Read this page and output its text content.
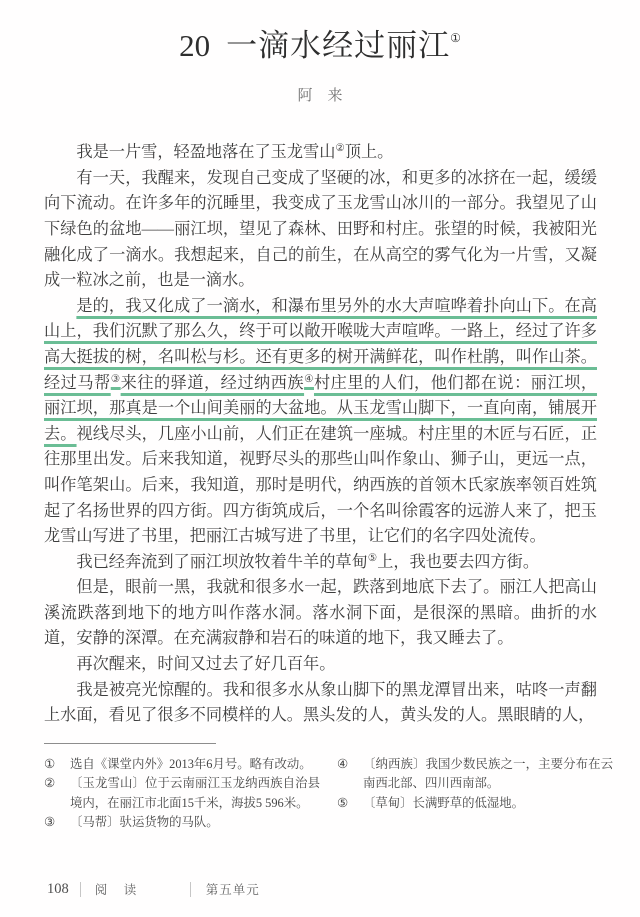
20 一滴水经过丽江①
阿　来

我是一片雪，轻盈地落在了玉龙雪山②顶上。

有一天，我醒来，发现自己变成了坚硬的冰，和更多的冰挤在一起，缓缓向下流动。在许多年的沉睡里，我变成了玉龙雪山冰川的一部分。我望见了山下绿色的盆地——丽江坝，望见了森林、田野和村庄。张望的时候，我被阳光融化成了一滴水。我想起来，自己的前生，在从高空的雾气化为一片雪，又凝成一粒冰之前，也是一滴水。

是的，我又化成了一滴水，和瀑布里另外的水大声喧哗着扑向山下。在高山上，我们沉默了那么久，终于可以敞开喉咙大声喧哗。一路上，经过了许多高大挺拔的树，名叫松与杉。还有更多的树开满鲜花，叫作杜鹃，叫作山茶。经过马帮③来往的驿道，经过纳西族④村庄里的人们，他们都在说：丽江坝，丽江坝，那真是一个山间美丽的大盆地。从玉龙雪山脚下，一直向南，铺展开去。视线尽头，几座小山前，人们正在建筑一座城。村庄里的木匠与石匠，正往那里出发。后来我知道，视野尽头的那些山叫作象山、狮子山，更远一点，叫作笔架山。后来，我知道，那时是明代，纳西族的首领木氏家族率领百姓筑起了名扬世界的四方街。四方街筑成后，一个名叫徐霞客的远游人来了，把玉龙雪山写进了书里，把丽江古城写进了书里，让它们的名字四处流传。

我已经奔流到了丽江坝放牧着牛羊的草甸⑤上，我也要去四方街。

但是，眼前一黑，我就和很多水一起，跌落到地底下去了。丽江人把高山溪流跌落到地下的地方叫作落水洞。落水洞下面，是很深的黑暗。曲折的水道，安静的深潭。在充满寂静和岩石的味道的地下，我又睡去了。

再次醒来，时间又过去了好几百年。

我是被亮光惊醒的。我和很多水从象山脚下的黑龙潭冒出来，咕咚一声翻上水面，看见了很多不同模样的人。黑头发的人，黄头发的人。黑眼睛的人，

①	选自《课堂内外》2013年6月号。略有改动。
②	〔玉龙雪山〕位于云南丽江玉龙纳西族自治县境内，在丽江市北面15千米，海拔5 596米。
③	〔马帮〕驮运货物的马队。
④	〔纳西族〕我国少数民族之一，主要分布在云南西北部、四川西南部。
⑤	〔草甸〕长满野草的低湿地。
108 阅　读	第五单元
